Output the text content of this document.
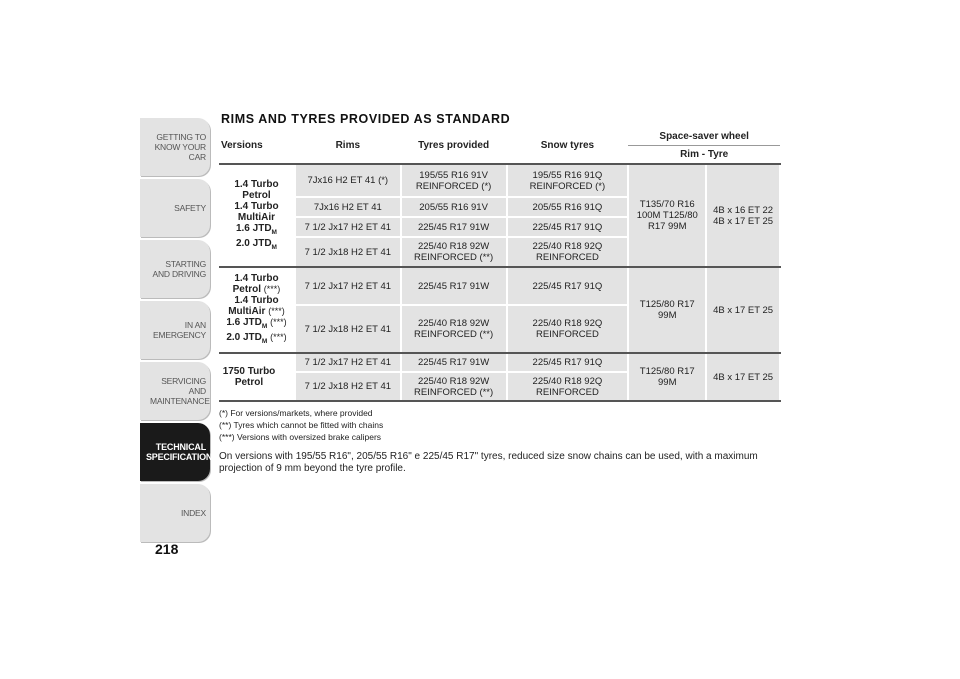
GETTING TO KNOW YOUR CAR
SAFETY
STARTING AND DRIVING
IN AN EMERGENCY
SERVICING AND MAINTENANCE
TECHNICAL SPECIFICATIONS
INDEX
218
RIMS AND TYRES PROVIDED AS STANDARD
Versions	Rims	Tyres provided	Snow tyres	Space-saver wheel	
				Rim - Tyre	

1.4 Turbo Petrol
1.4 Turbo MultiAir
1.6 $JTD_M$
2.0 $JTD_M$	7Jx16 H2 ET 41 (*)	195/55 R16 91V REINFORCED (*)	195/55 R16 91Q REINFORCED (*)	T135/70 R16 100M T125/80 R17 99M	4B x 16 ET 22 4B x 17 ET 25
	7Jx16 H2 ET 41	205/55 R16 91V	205/55 R16 91Q		
	7 1/2 Jx17 H2 ET 41	225/45 R17 91W	225/45 R17 91Q		
	7 1/2 Jx18 H2 ET 41	225/40 R18 92W REINFORCED (**)	225/40 R18 92Q REINFORCED		

1.4 Turbo Petrol (***)
1.4 Turbo MultiAir (***)
1.6 $JTD_M$ (***)
2.0 $JTD_M$ (***)	7 1/2 Jx17 H2 ET 41	225/45 R17 91W	225/45 R17 91Q	T125/80 R17 99M	4B x 17 ET 25
	7 1/2 Jx18 H2 ET 41	225/40 R18 92W REINFORCED (**)	225/40 R18 92Q REINFORCED		

1750 Turbo Petrol	7 1/2 Jx17 H2 ET 41	225/45 R17 91W	225/45 R17 91Q	T125/80 R17 99M	4B x 17 ET 25
	7 1/2 Jx18 H2 ET 41	225/40 R18 92W REINFORCED (**)	225/40 R18 92Q REINFORCED		
(*) For versions/markets, where provided
(**) Tyres which cannot be fitted with chains
(***) Versions with oversized brake calipers
On versions with 195/55 R16", 205/55 R16" e 225/45 R17" tyres, reduced size snow chains can be used, with a maximum projection of 9 mm beyond the tyre profile.
